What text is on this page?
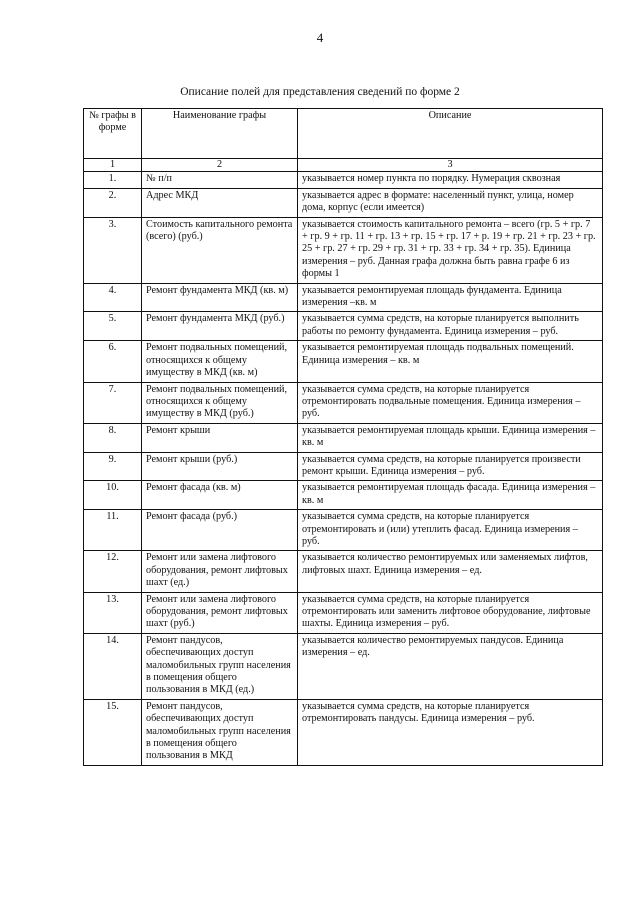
4
Описание полей для представления сведений по форме 2
№ графы в форме	Наименование графы	Описание
1	2	3
1.	№ п/п	указывается номер пункта по порядку. Нумерация сквозная
2.	Адрес МКД	указывается адрес в формате: населенный пункт, улица, номер дома, корпус (если имеется)
3.	Стоимость капитального ремонта (всего) (руб.)	указывается стоимость капитального ремонта – всего (гр. 5 + гр. 7 + гр. 9 + гр. 11 + гр. 13 + гр. 15 + гр. 17 + р. 19 + гр. 21 + гр. 23 + гр. 25 + гр. 27 + гр. 29 + гр. 31 + гр. 33 + гр. 34 + гр. 35). Единица измерения – руб. Данная графа должна быть равна графе 6 из формы 1
4.	Ремонт фундамента МКД (кв. м)	указывается ремонтируемая площадь фундамента. Единица измерения –кв. м
5.	Ремонт фундамента МКД (руб.)	указывается сумма средств, на которые планируется выполнить работы по ремонту фундамента. Единица измерения – руб.
6.	Ремонт подвальных помещений, относящихся к общему имуществу в МКД (кв. м)	указывается ремонтируемая площадь подвальных помещений. Единица измерения – кв. м
7.	Ремонт подвальных помещений, относящихся к общему имуществу в МКД (руб.)	указывается сумма средств, на которые планируется отремонтировать подвальные помещения. Единица измерения – руб.
8.	Ремонт крыши	указывается ремонтируемая площадь крыши. Единица измерения – кв. м
9.	Ремонт крыши (руб.)	указывается сумма средств, на которые планируется произвести ремонт крыши. Единица измерения – руб.
10.	Ремонт фасада (кв. м)	указывается ремонтируемая площадь фасада. Единица измерения – кв. м
11.	Ремонт фасада (руб.)	указывается сумма средств, на которые планируется отремонтировать и (или) утеплить фасад. Единица измерения – руб.
12.	Ремонт или замена лифтового оборудования, ремонт лифтовых шахт (ед.)	указывается количество ремонтируемых или заменяемых лифтов, лифтовых шахт. Единица измерения – ед.
13.	Ремонт или замена лифтового оборудования, ремонт лифтовых шахт (руб.)	указывается сумма средств, на которые планируется отремонтировать или заменить лифтовое оборудование, лифтовые шахты. Единица измерения – руб.
14.	Ремонт пандусов, обеспечивающих доступ маломобильных групп населения в помещения общего пользования в МКД (ед.)	указывается количество ремонтируемых пандусов. Единица измерения – ед.
15.	Ремонт пандусов, обеспечивающих доступ маломобильных групп населения в помещения общего пользования в МКД	указывается сумма средств, на которые планируется отремонтировать пандусы. Единица измерения – руб.
